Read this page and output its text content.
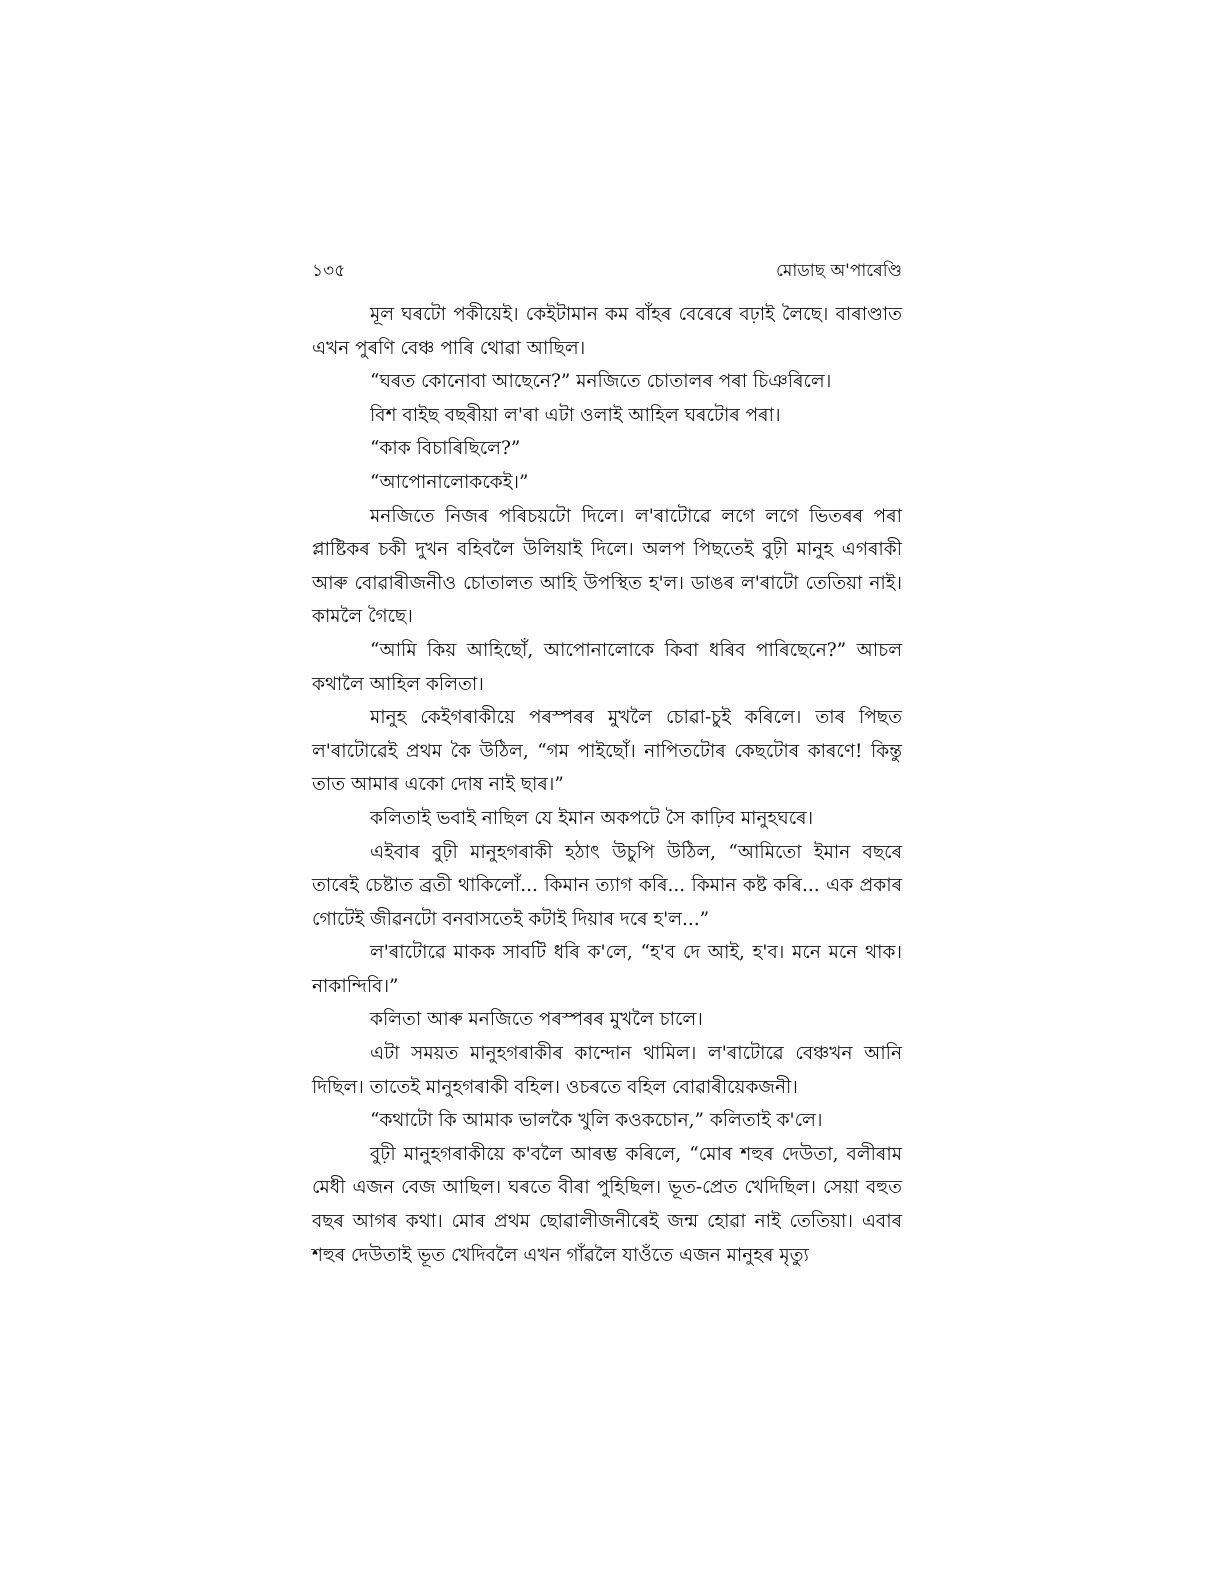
১৩৫	মোডাছ অ'পাৰেণ্ডি

মূল ঘৰটো পকীয়েই। কেইটামান কম বাঁহৰ বেৰেৰে বঢ়াই লৈছে। বাৰাণ্ডাত এখন পুৰণি বেঞ্চ পাৰি থোৱা আছিল।

“ঘৰত কোনোবা আছেনে?” মনজিতে চোতালৰ পৰা চিঞৰিলে।

বিশ বাইছ বছৰীয়া ল'ৰা এটা ওলাই আহিল ঘৰটোৰ পৰা।

“কাক বিচাৰিছিলে?”

“আপোনালোককেই।”

মনজিতে নিজৰ পৰিচয়টো দিলে। ল'ৰাটোৱে লগে লগে ভিতৰৰ পৰা প্লাষ্টিকৰ চকী দুখন বহিবলৈ উলিয়াই দিলে। অলপ পিছতেই বুঢ়ী মানুহ এগৰাকী আৰু বোৱাৰীজনীও চোতালত আহি উপস্থিত হ'ল। ডাঙৰ ল'ৰাটো তেতিয়া নাই। কামলৈ গৈছে।

“আমি কিয় আহিছোঁ, আপোনালোকে কিবা ধৰিব পাৰিছেনে?” আচল কথালৈ আহিল কলিতা।

মানুহ কেইগৰাকীয়ে পৰস্পৰৰ মুখলৈ চোৱা-চুই কৰিলে। তাৰ পিছত ল'ৰাটোৱেই প্ৰথম কৈ উঠিল, “গম পাইছোঁ। নাপিতটোৰ কেছটোৰ কাৰণে! কিন্তু তাত আমাৰ একো দোষ নাই ছাৰ।”

কলিতাই ভবাই নাছিল যে ইমান অকপটে সৈ কাঢ়িব মানুহঘৰে।

এইবাৰ বুঢ়ী মানুহগৰাকী হঠাৎ উচুপি উঠিল, “আমিতো ইমান বছৰে তাৰেই চেষ্টাত ব্ৰতী থাকিলোঁ... কিমান ত্যাগ কৰি... কিমান কষ্ট কৰি... এক প্ৰকাৰ গোটেই জীৱনটো বনবাসতেই কটাই দিয়াৰ দৰে হ'ল...”

ল'ৰাটোৱে মাকক সাবটি ধৰি ক'লে, “হ'ব দে আই, হ'ব। মনে মনে থাক। নাকান্দিবি।”

কলিতা আৰু মনজিতে পৰস্পৰৰ মুখলৈ চালে।

এটা সময়ত মানুহগৰাকীৰ কান্দোন থামিল। ল'ৰাটোৱে বেঞ্চখন আনি দিছিল। তাতেই মানুহগৰাকী বহিল। ওচৰতে বহিল বোৱাৰীয়েকজনী।

“কথাটো কি আমাক ভালকৈ খুলি কওকচোন,” কলিতাই ক'লে।

বুঢ়ী মানুহগৰাকীয়ে ক'বলৈ আৰম্ভ কৰিলে, “মোৰ শহুৰ দেউতা, বলীৰাম মেধী এজন বেজ আছিল। ঘৰতে বীৰা পুহিছিল। ভূত-প্ৰেত খেদিছিল। সেয়া বহুত বছৰ আগৰ কথা। মোৰ প্ৰথম ছোৱালীজনীৰেই জন্ম হোৱা নাই তেতিয়া। এবাৰ শহুৰ দেউতাই ভূত খেদিবলৈ এখন গাঁৱলৈ যাওঁতে এজন মানুহৰ মৃত্যু
